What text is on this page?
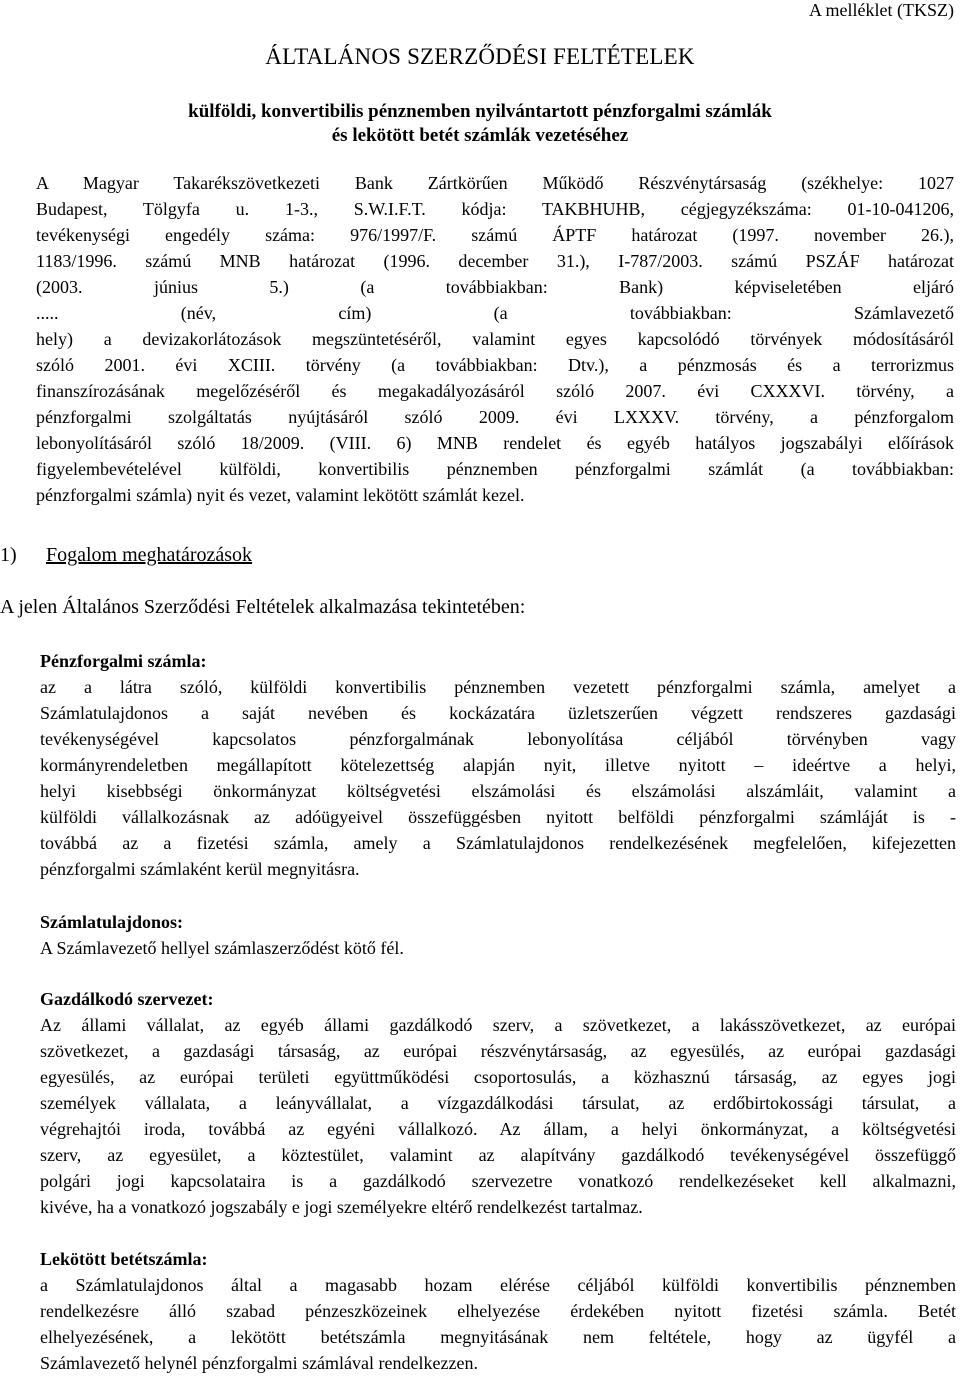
A melléklet (TKSZ)
ÁLTALÁNOS SZERZŐDÉSI FELTÉTELEK
külföldi, konvertibilis pénznemben nyilvántartott pénzforgalmi számlák
és lekötött betét számlák vezetéséhez
A Magyar Takarékszövetkezeti Bank Zártkörűen Működő Részvénytársaság (székhelye: 1027
Budapest, Tölgyfa u. 1-3., S.W.I.F.T. kódja: TAKBHUHB, cégjegyzékszáma: 01-10-041206,
tevékenységi engedély száma: 976/1997/F. számú ÁPTF határozat (1997. november 26.),
1183/1996. számú MNB határozat (1996. december 31.), I-787/2003. számú PSZÁF határozat
(2003. június 5.) (a továbbiakban: Bank) képviseletében eljáró
..... (név, cím) (a továbbiakban: Számlavezető
hely) a devizakorlátozások megszüntetéséről, valamint egyes kapcsolódó törvények módosításáról
szóló 2001. évi XCIII. törvény (a továbbiakban: Dtv.), a pénzmosás és a terrorizmus
finanszírozásának megelőzéséről és megakadályozásáról szóló 2007. évi CXXXVI. törvény, a
pénzforgalmi szolgáltatás nyújtásáról szóló 2009. évi LXXXV. törvény, a pénzforgalom
lebonyolításáról szóló 18/2009. (VIII. 6) MNB rendelet és egyéb hatályos jogszabályi előírások
figyelembevételével külföldi, konvertibilis pénznemben pénzforgalmi számlát (a továbbiakban:
pénzforgalmi számla) nyit és vezet, valamint lekötött számlát kezel.
1) Fogalom meghatározások
A jelen Általános Szerződési Feltételek alkalmazása tekintetében:
Pénzforgalmi számla:
az a látra szóló, külföldi konvertibilis pénznemben vezetett pénzforgalmi számla, amelyet a
Számlatulajdonos a saját nevében és kockázatára üzletszerűen végzett rendszeres gazdasági
tevékenységével kapcsolatos pénzforgalmának lebonyolítása céljából törvényben vagy
kormányrendeletben megállapított kötelezettség alapján nyit, illetve nyitott – ideértve a helyi,
helyi kisebbségi önkormányzat költségvetési elszámolási és elszámolási alszámláit, valamint a
külföldi vállalkozásnak az adóügyeivel összefüggésben nyitott belföldi pénzforgalmi számláját is -
továbbá az a fizetési számla, amely a Számlatulajdonos rendelkezésének megfelelően, kifejezetten
pénzforgalmi számlaként kerül megnyitásra.
Számlatulajdonos:
A Számlavezető hellyel számlaszerződést kötő fél.
Gazdálkodó szervezet:
Az állami vállalat, az egyéb állami gazdálkodó szerv, a szövetkezet, a lakásszövetkezet, az európai
szövetkezet, a gazdasági társaság, az európai részvénytársaság, az egyesülés, az európai gazdasági
egyesülés, az európai területi együttműködési csoportosulás, a közhasznú társaság, az egyes jogi
személyek vállalata, a leányvállalat, a vízgazdálkodási társulat, az erdőbirtokossági társulat, a
végrehajtói iroda, továbbá az egyéni vállalkozó. Az állam, a helyi önkormányzat, a költségvetési
szerv, az egyesület, a köztestület, valamint az alapítvány gazdálkodó tevékenységével összefüggő
polgári jogi kapcsolataira is a gazdálkodó szervezetre vonatkozó rendelkezéseket kell alkalmazni,
kivéve, ha a vonatkozó jogszabály e jogi személyekre eltérő rendelkezést tartalmaz.
Lekötött betétszámla:
a Számlatulajdonos által a magasabb hozam elérése céljából külföldi konvertibilis pénznemben
rendelkezésre álló szabad pénzeszközeinek elhelyezése érdekében nyitott fizetési számla. Betét
elhelyezésének, a lekötött betétszámla megnyitásának nem feltétele, hogy az ügyfél a
Számlavezető helynél pénzforgalmi számlával rendelkezzen.
